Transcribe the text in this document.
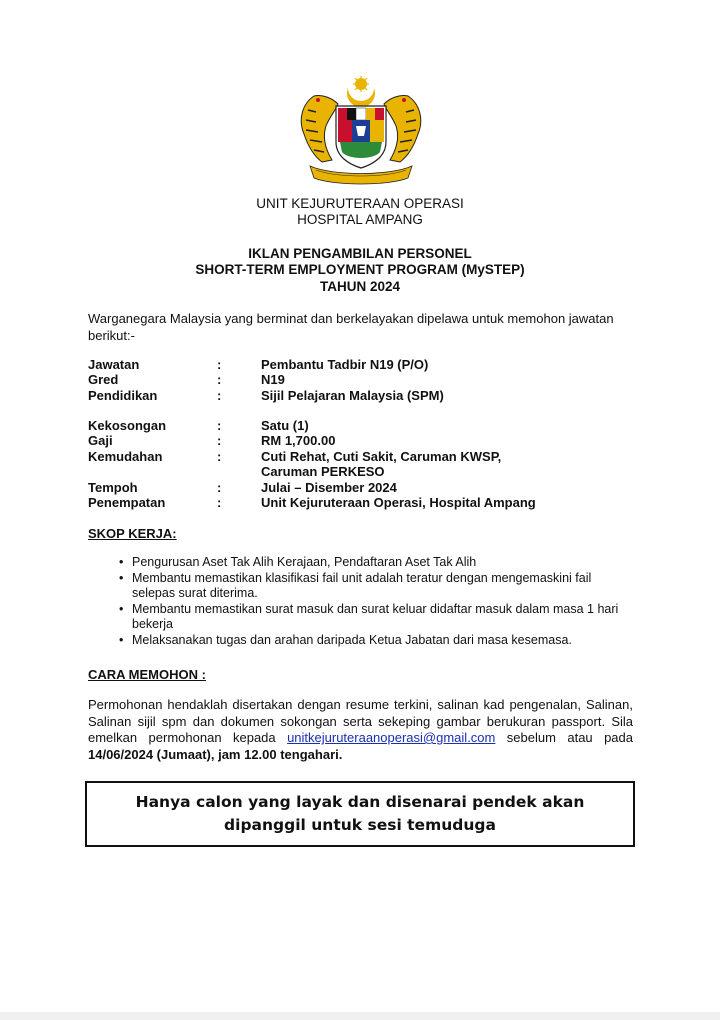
UNIT KEJURUTERAAN OPERASI
HOSPITAL AMPANG
IKLAN PENGAMBILAN PERSONEL
SHORT-TERM EMPLOYMENT PROGRAM (MySTEP)
TAHUN 2024
Warganegara Malaysia yang berminat dan berkelayakan dipelawa untuk memohon jawatan berikut:-
Jawatan	:	Pembantu Tadbir N19 (P/O)
Gred	:	N19
Pendidikan	:	Sijil Pelajaran Malaysia (SPM)
Kekosongan	:	Satu (1)
Gaji	:	RM 1,700.00
Kemudahan	:	Cuti Rehat, Cuti Sakit, Caruman KWSP,
Caruman PERKESO
Tempoh	:	Julai – Disember 2024
Penempatan	:	Unit Kejuruteraan Operasi, Hospital Ampang
SKOP KERJA:
• Pengurusan Aset Tak Alih Kerajaan, Pendaftaran Aset Tak Alih
• Membantu memastikan klasifikasi fail unit adalah teratur dengan mengemaskini fail selepas surat diterima.
• Membantu memastikan surat masuk dan surat keluar didaftar masuk dalam masa 1 hari bekerja
• Melaksanakan tugas dan arahan daripada Ketua Jabatan dari masa kesemasa.
CARA MEMOHON :
Permohonan hendaklah disertakan dengan resume terkini, salinan kad pengenalan, Salinan, Salinan sijil spm dan dokumen sokongan serta sekeping gambar berukuran passport. Sila emelkan permohonan kepada unitkejuruteraanoperasi@gmail.com sebelum atau pada 14/06/2024 (Jumaat), jam 12.00 tengahari.
Hanya calon yang layak dan disenarai pendek akan dipanggil untuk sesi temuduga
